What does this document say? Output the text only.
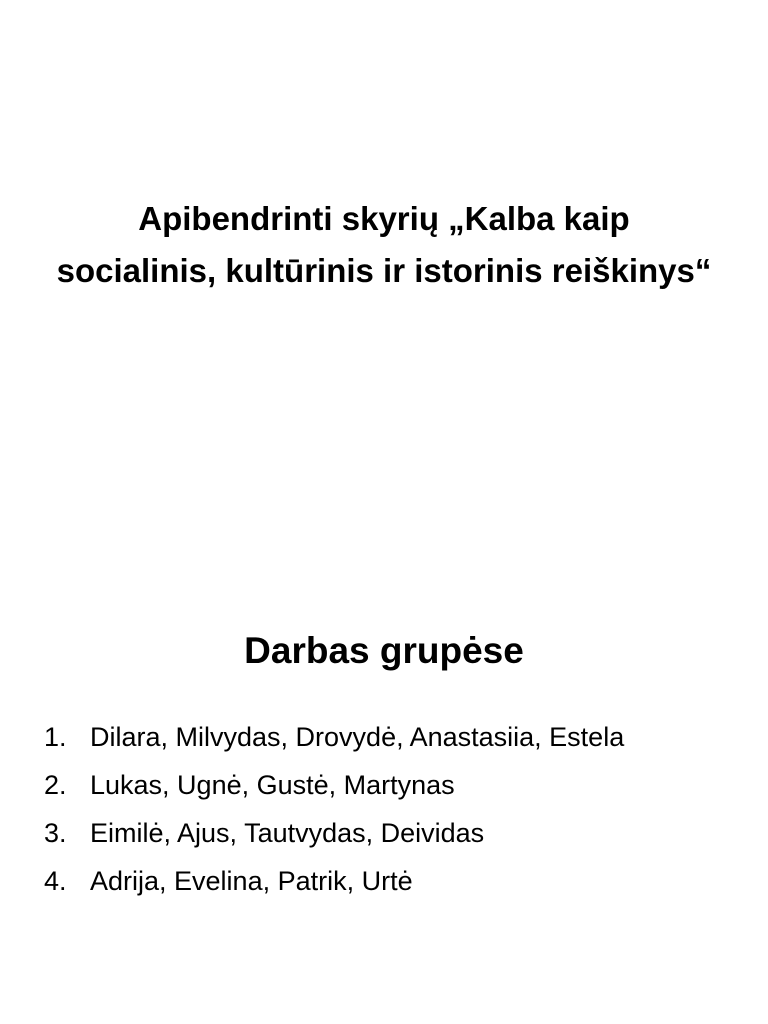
Apibendrinti skyrių „Kalba kaip
socialinis, kultūrinis ir istorinis reiškinys“
Darbas grupėse
1. Dilara, Milvydas, Drovydė, Anastasiia, Estela
2. Lukas, Ugnė, Gustė, Martynas
3. Eimilė, Ajus, Tautvydas, Deividas
4. Adrija, Evelina, Patrik, Urtė
